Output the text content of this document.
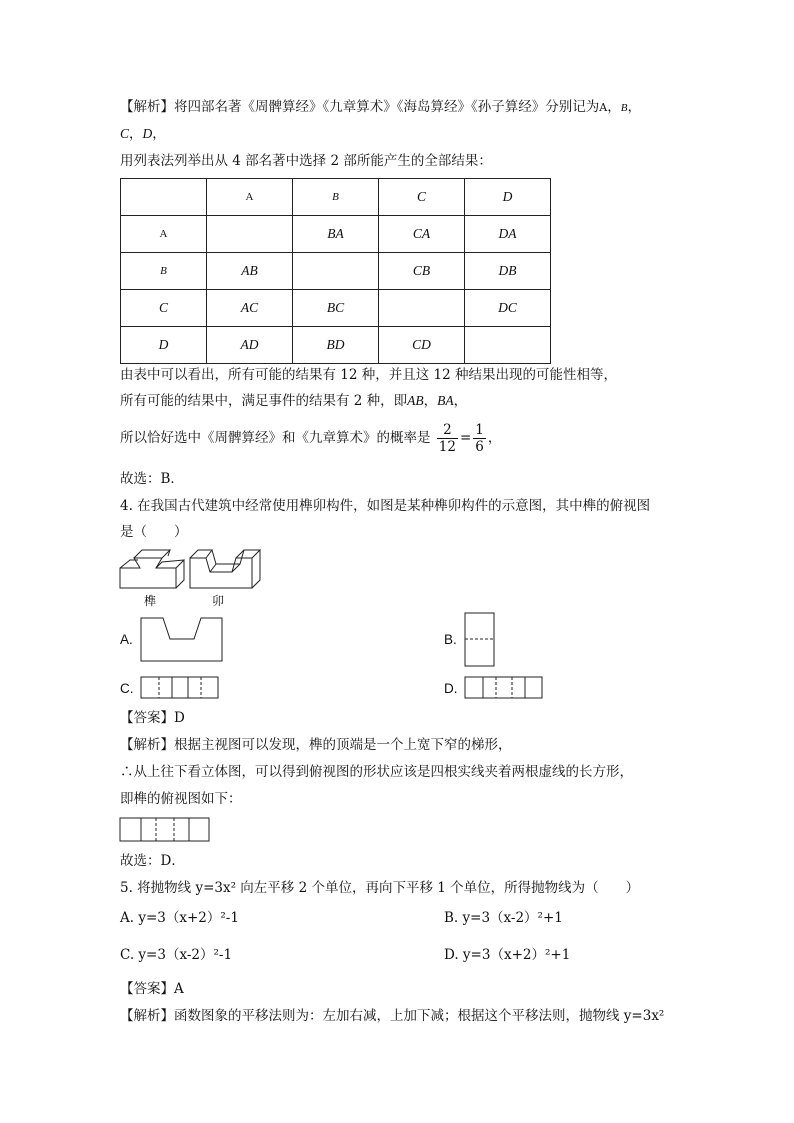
【解析】将四部名著《周髀算经》《九章算术》《海岛算经》《孙子算经》分别记为A，B，
C，D，
用列表法列举出从 4 部名著中选择 2 部所能产生的全部结果：
	A	B	C	D
A		BA	CA	DA
B	AB		CB	DB
C	AC	BC		DC
D	AD	BD	CD	
由表中可以看出，所有可能的结果有 12 种，并且这 12 种结果出现的可能性相等，
所有可能的结果中，满足事件的结果有 2 种，即AB，BA，
所以恰好选中《周髀算经》和《九章算术》的概率是 $\frac{2}{12} = \frac{1}{6}$ ，
故选：B．
4. 在我国古代建筑中经常使用榫卯构件，如图是某种榫卯构件的示意图，其中榫的俯视图
是（　　）
榫	卯
A.	B.
C.	D.
【答案】D
【解析】根据主视图可以发现，榫的顶端是一个上宽下窄的梯形，
∴从上往下看立体图，可以得到俯视图的形状应该是四根实线夹着两根虚线的长方形，
即榫的俯视图如下：
故选：D．
5. 将抛物线 y=3x² 向左平移 2 个单位，再向下平移 1 个单位，所得抛物线为（　　）
A. y=3（x+2）²-1	B. y=3（x-2）²+1
C. y=3（x-2）²-1	D. y=3（x+2）²+1
【答案】A
【解析】函数图象的平移法则为：左加右减，上加下减；根据这个平移法则，抛物线 y=3x²
